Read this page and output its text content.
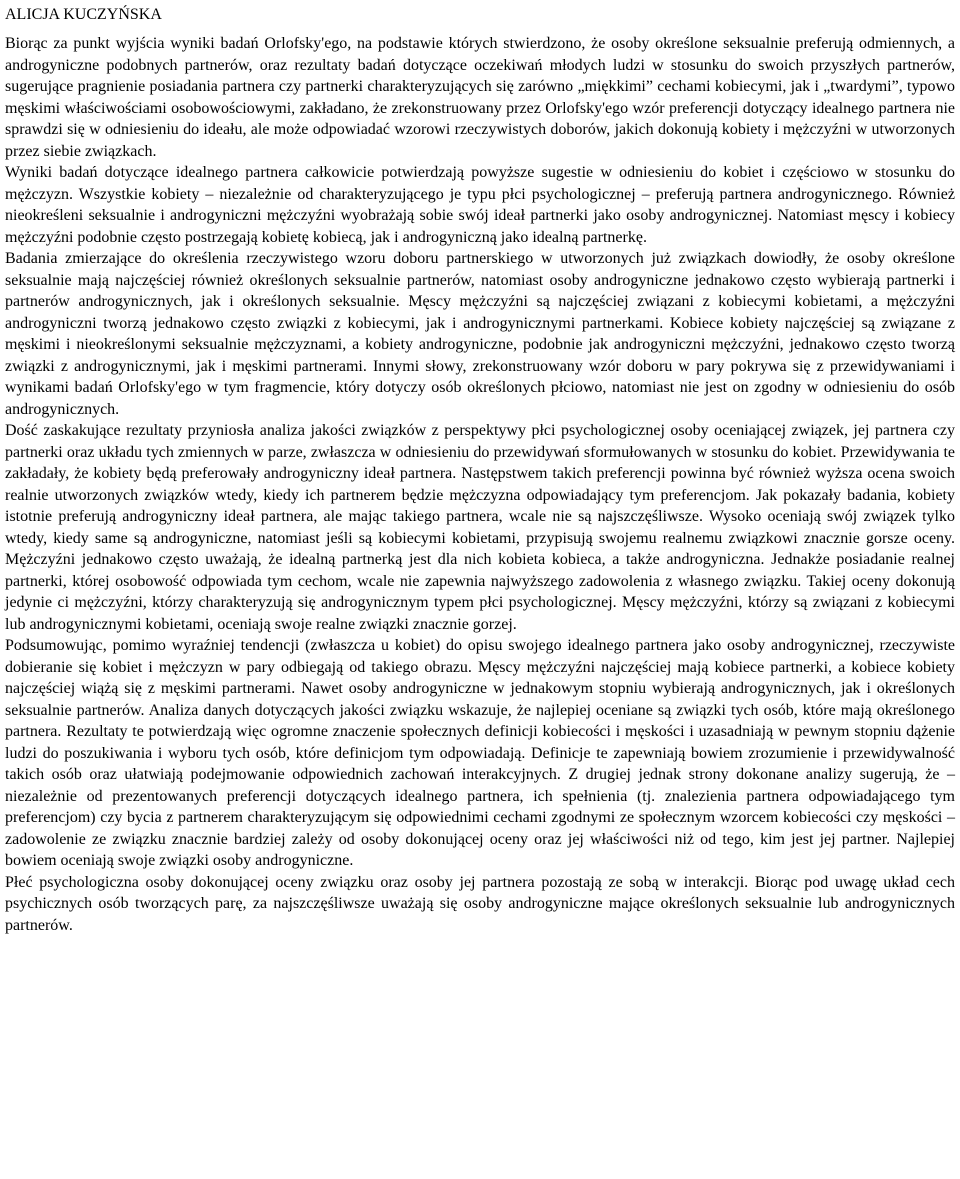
ALICJA KUCZYŃSKA

Biorąc za punkt wyjścia wyniki badań Orlofsky'ego, na podstawie których stwierdzono, że osoby określone seksualnie preferują odmiennych, a androgyniczne podobnych partnerów, oraz rezultaty badań dotyczące oczekiwań młodych ludzi w stosunku do swoich przyszłych partnerów, sugerujące pragnienie posiadania partnera czy partnerki charakteryzujących się zarówno „miękkimi” cechami kobiecymi, jak i „twardymi”, typowo męskimi właściwościami osobowościowymi, zakładano, że zrekonstruowany przez Orlofsky'ego wzór preferencji dotyczący idealnego partnera nie sprawdzi się w odniesieniu do ideału, ale może odpowiadać wzorowi rzeczywistych doborów, jakich dokonują kobiety i mężczyźni w utworzonych przez siebie związkach.

Wyniki badań dotyczące idealnego partnera całkowicie potwierdzają powyższe sugestie w odniesieniu do kobiet i częściowo w stosunku do mężczyzn. Wszystkie kobiety – niezależnie od charakteryzującego je typu płci psychologicznej – preferują partnera androgynicznego. Również nieokreśleni seksualnie i androgyniczni mężczyźni wyobrażają sobie swój ideał partnerki jako osoby androgynicznej. Natomiast męscy i kobiecy mężczyźni podobnie często postrzegają kobietę kobiecą, jak i androgyniczną jako idealną partnerkę.

Badania zmierzające do określenia rzeczywistego wzoru doboru partnerskiego w utworzonych już związkach dowiodły, że osoby określone seksualnie mają najczęściej również określonych seksualnie partnerów, natomiast osoby androgyniczne jednakowo często wybierają partnerki i partnerów androgynicznych, jak i określonych seksualnie. Męscy mężczyźni są najczęściej związani z kobiecymi kobietami, a mężczyźni androgyniczni tworzą jednakowo często związki z kobiecymi, jak i androgynicznymi partnerkami. Kobiece kobiety najczęściej są związane z męskimi i nieokreślonymi seksualnie mężczyznami, a kobiety androgyniczne, podobnie jak androgyniczni mężczyźni, jednakowo często tworzą związki z androgynicznymi, jak i męskimi partnerami. Innymi słowy, zrekonstruowany wzór doboru w pary pokrywa się z przewidywaniami i wynikami badań Orlofsky'ego w tym fragmencie, który dotyczy osób określonych płciowo, natomiast nie jest on zgodny w odniesieniu do osób androgynicznych.

Dość zaskakujące rezultaty przyniosła analiza jakości związków z perspektywy płci psychologicznej osoby oceniającej związek, jej partnera czy partnerki oraz układu tych zmiennych w parze, zwłaszcza w odniesieniu do przewidywań sformułowanych w stosunku do kobiet. Przewidywania te zakładały, że kobiety będą preferowały androgyniczny ideał partnera. Następstwem takich preferencji powinna być również wyższa ocena swoich realnie utworzonych związków wtedy, kiedy ich partnerem będzie mężczyzna odpowiadający tym preferencjom. Jak pokazały badania, kobiety istotnie preferują androgyniczny ideał partnera, ale mając takiego partnera, wcale nie są najszczęśliwsze. Wysoko oceniają swój związek tylko wtedy, kiedy same są androgyniczne, natomiast jeśli są kobiecymi kobietami, przypisują swojemu realnemu związkowi znacznie gorsze oceny. Mężczyźni jednakowo często uważają, że idealną partnerką jest dla nich kobieta kobieca, a także androgyniczna. Jednakże posiadanie realnej partnerki, której osobowość odpowiada tym cechom, wcale nie zapewnia najwyższego zadowolenia z własnego związku. Takiej oceny dokonują jedynie ci mężczyźni, którzy charakteryzują się androgynicznym typem płci psychologicznej. Męscy mężczyźni, którzy są związani z kobiecymi lub androgynicznymi kobietami, oceniają swoje realne związki znacznie gorzej.

Podsumowując, pomimo wyraźniej tendencji (zwłaszcza u kobiet) do opisu swojego idealnego partnera jako osoby androgynicznej, rzeczywiste dobieranie się kobiet i mężczyzn w pary odbiegają od takiego obrazu. Męscy mężczyźni najczęściej mają kobiece partnerki, a kobiece kobiety najczęściej wiążą się z męskimi partnerami. Nawet osoby androgyniczne w jednakowym stopniu wybierają androgynicznych, jak i określonych seksualnie partnerów. Analiza danych dotyczących jakości związku wskazuje, że najlepiej oceniane są związki tych osób, które mają określonego partnera. Rezultaty te potwierdzają więc ogromne znaczenie społecznych definicji kobiecości i męskości i uzasadniają w pewnym stopniu dążenie ludzi do poszukiwania i wyboru tych osób, które definicjom tym odpowiadają. Definicje te zapewniają bowiem zrozumienie i przewidywalność takich osób oraz ułatwiają podejmowanie odpowiednich zachowań interakcyjnych. Z drugiej jednak strony dokonane analizy sugerują, że – niezależnie od prezentowanych preferencji dotyczących idealnego partnera, ich spełnienia (tj. znalezienia partnera odpowiadającego tym preferencjom) czy bycia z partnerem charakteryzującym się odpowiednimi cechami zgodnymi ze społecznym wzorcem kobiecości czy męskości – zadowolenie ze związku znacznie bardziej zależy od osoby dokonującej oceny oraz jej właściwości niż od tego, kim jest jej partner. Najlepiej bowiem oceniają swoje związki osoby androgyniczne.

Płeć psychologiczna osoby dokonującej oceny związku oraz osoby jej partnera pozostają ze sobą w interakcji. Biorąc pod uwagę układ cech psychicznych osób tworzących parę, za najszczęśliwsze uważają się osoby androgyniczne mające określonych seksualnie lub androgynicznych partnerów.
